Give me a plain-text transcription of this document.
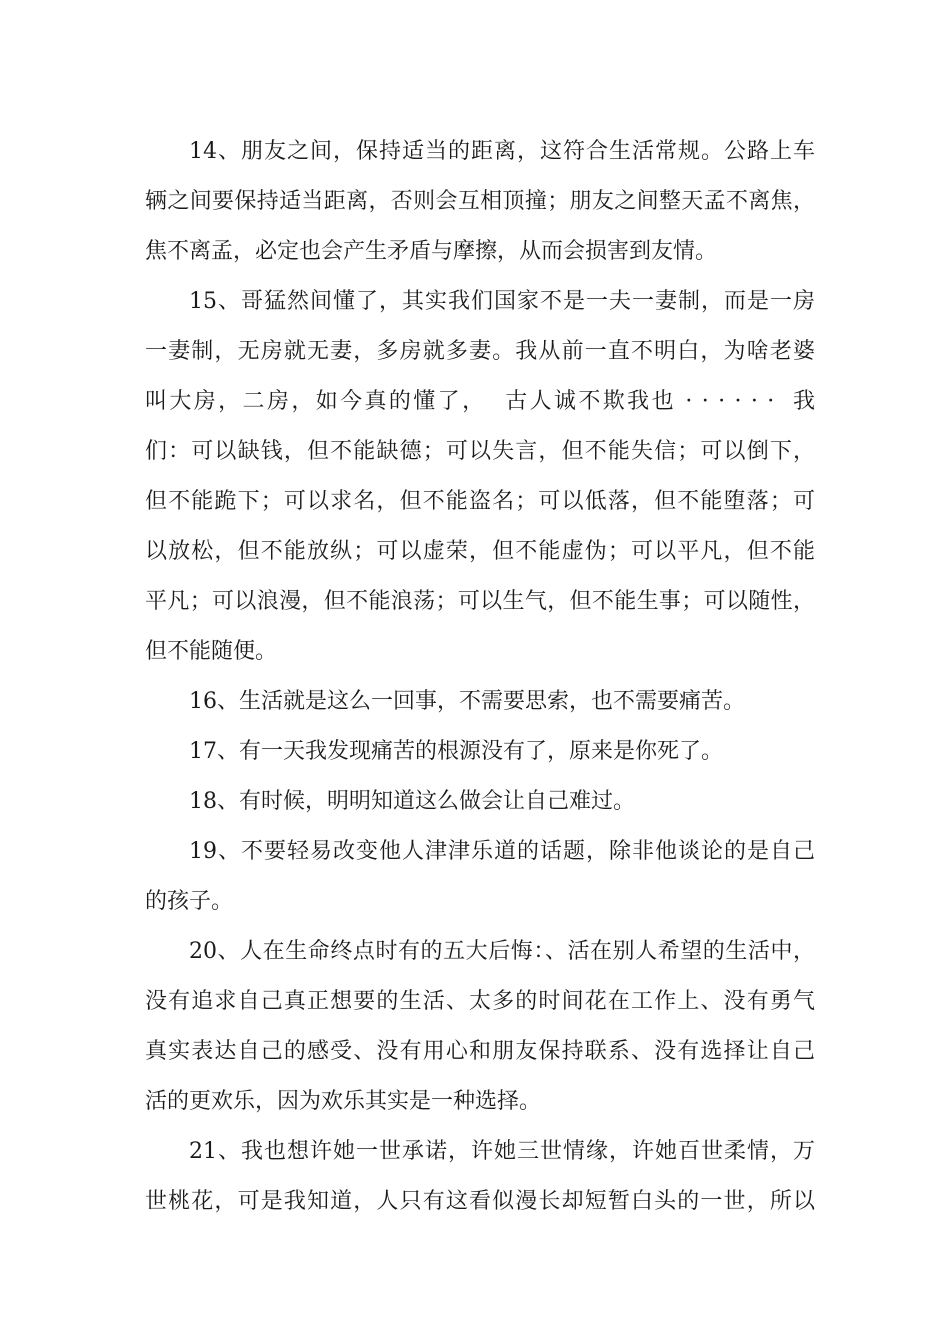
14、朋友之间，保持适当的距离，这符合生活常规。公路上车

辆之间要保持适当距离，否则会互相顶撞；朋友之间整天孟不离焦，

焦不离孟，必定也会产生矛盾与摩擦，从而会损害到友情。

15、哥猛然间懂了，其实我们国家不是一夫一妻制，而是一房

一妻制，无房就无妻，多房就多妻。我从前一直不明白，为啥老婆

叫大房，二房，如今真的懂了，  古人诚不欺我也 · · · · · ·  我

们：可以缺钱，但不能缺德；可以失言，但不能失信；可以倒下，

但不能跪下；可以求名，但不能盗名；可以低落，但不能堕落；可

以放松，但不能放纵；可以虚荣，但不能虚伪；可以平凡，但不能

平凡；可以浪漫，但不能浪荡；可以生气，但不能生事；可以随性，

但不能随便。

16、生活就是这么一回事，不需要思索，也不需要痛苦。

17、有一天我发现痛苦的根源没有了，原来是你死了。

18、有时候，明明知道这么做会让自己难过。

19、不要轻易改变他人津津乐道的话题，除非他谈论的是自己

的孩子。

20、人在生命终点时有的五大后悔：、活在别人希望的生活中，

没有追求自己真正想要的生活、太多的时间花在工作上、没有勇气

真实表达自己的感受、没有用心和朋友保持联系、没有选择让自己

活的更欢乐，因为欢乐其实是一种选择。

21、我也想许她一世承诺，许她三世情缘，许她百世柔情，万

世桃花，可是我知道，人只有这看似漫长却短暂白头的一世，所以
